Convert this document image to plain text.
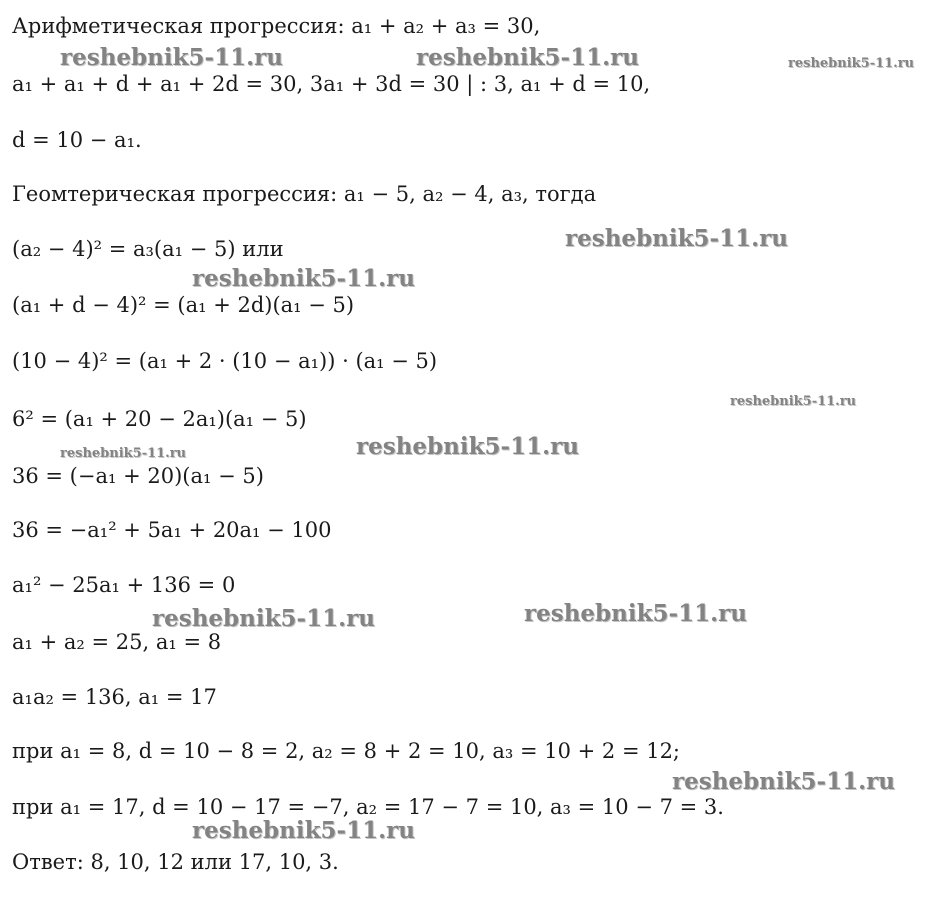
Арифметическая прогрессия: a₁ + a₂ + a₃ = 30,
a₁ + a₁ + d + a₁ + 2d = 30, 3a₁ + 3d = 30 | : 3, a₁ + d = 10,
d = 10 − a₁.
Геомтерическая прогрессия: a₁ − 5, a₂ − 4, a₃, тогда
(a₂ − 4)² = a₃(a₁ − 5) или
(a₁ + d − 4)² = (a₁ + 2d)(a₁ − 5)
(10 − 4)² = (a₁ + 2 · (10 − a₁)) · (a₁ − 5)
6² = (a₁ + 20 − 2a₁)(a₁ − 5)
36 = (−a₁ + 20)(a₁ − 5)
36 = −a₁² + 5a₁ + 20a₁ − 100
a₁² − 25a₁ + 136 = 0
a₁ + a₂ = 25, a₁ = 8
a₁a₂ = 136, a₁ = 17
при a₁ = 8, d = 10 − 8 = 2, a₂ = 8 + 2 = 10, a₃ = 10 + 2 = 12;
при a₁ = 17, d = 10 − 17 = −7, a₂ = 17 − 7 = 10, a₃ = 10 − 7 = 3.
Ответ: 8, 10, 12 или 17, 10, 3.
reshebnik5-11.ru	reshebnik5-11.ru	reshebnik5-11.ru
reshebnik5-11.ru
reshebnik5-11.ru
reshebnik5-11.ru
reshebnik5-11.ru
reshebnik5-11.ru
reshebnik5-11.ru	reshebnik5-11.ru
reshebnik5-11.ru
reshebnik5-11.ru
